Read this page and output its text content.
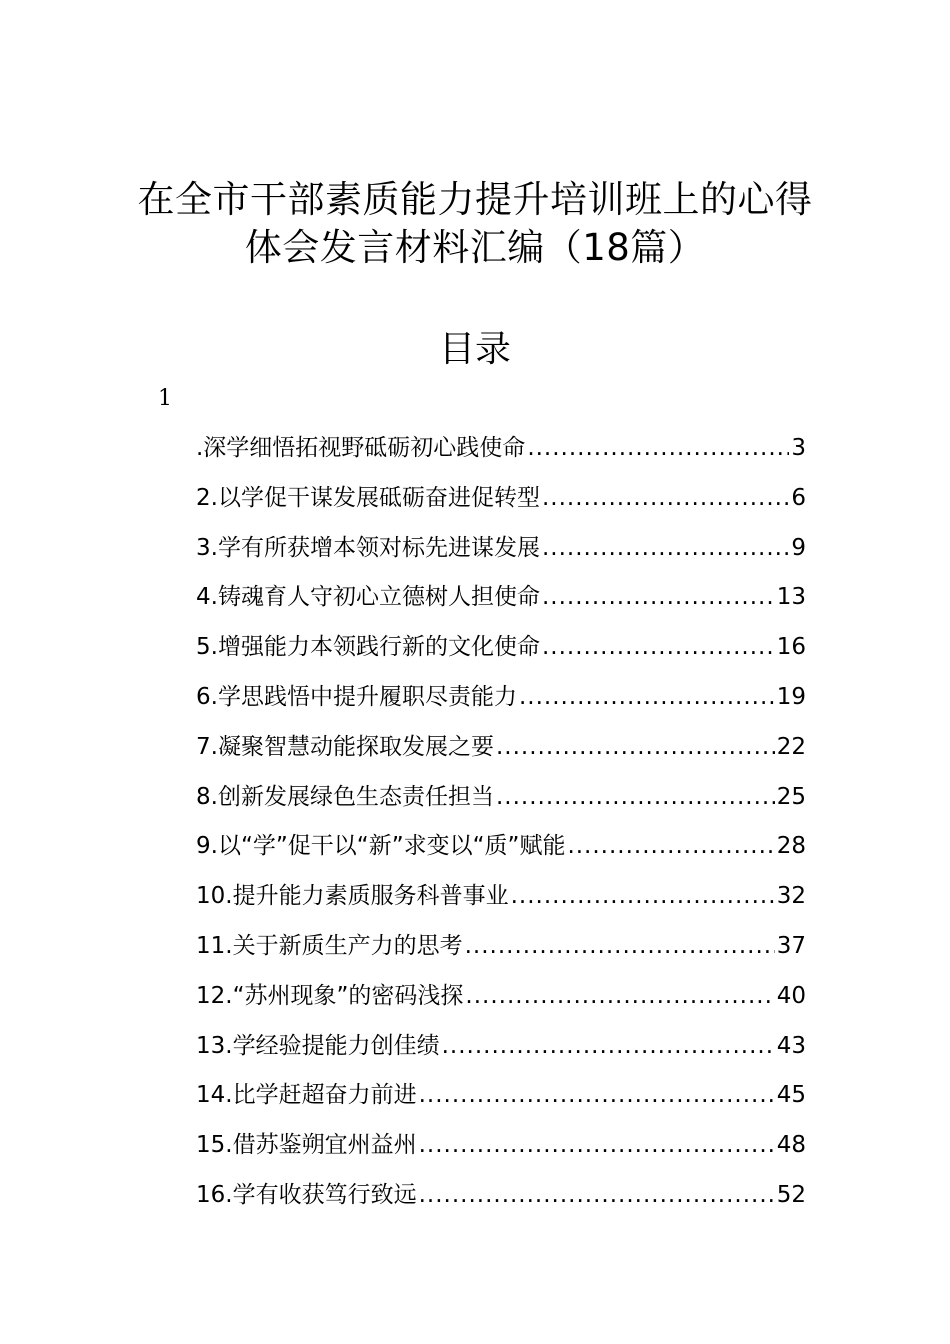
在全市干部素质能力提升培训班上的心得
体会发言材料汇编（18篇）
目录
1
.深学细悟拓视野砥砺初心践使命 .....	3
2.以学促干谋发展砥砺奋进促转型 .....	6
3.学有所获增本领对标先进谋发展 .....	9
4.铸魂育人守初心立德树人担使命 .....	13
5.增强能力本领践行新的文化使命 .....	16
6.学思践悟中提升履职尽责能力 .....	19
7.凝聚智慧动能探取发展之要 .....	22
8.创新发展绿色生态责任担当 .....	25
9.以“学”促干以“新”求变以“质”赋能 .....	28
10.提升能力素质服务科普事业 .....	32
11.关于新质生产力的思考 .....	37
12.“苏州现象”的密码浅探 .....	40
13.学经验提能力创佳绩 .....	43
14.比学赶超奋力前进 .....	45
15.借苏鉴朔宜州益州 .....	48
16.学有收获笃行致远 .....	52
